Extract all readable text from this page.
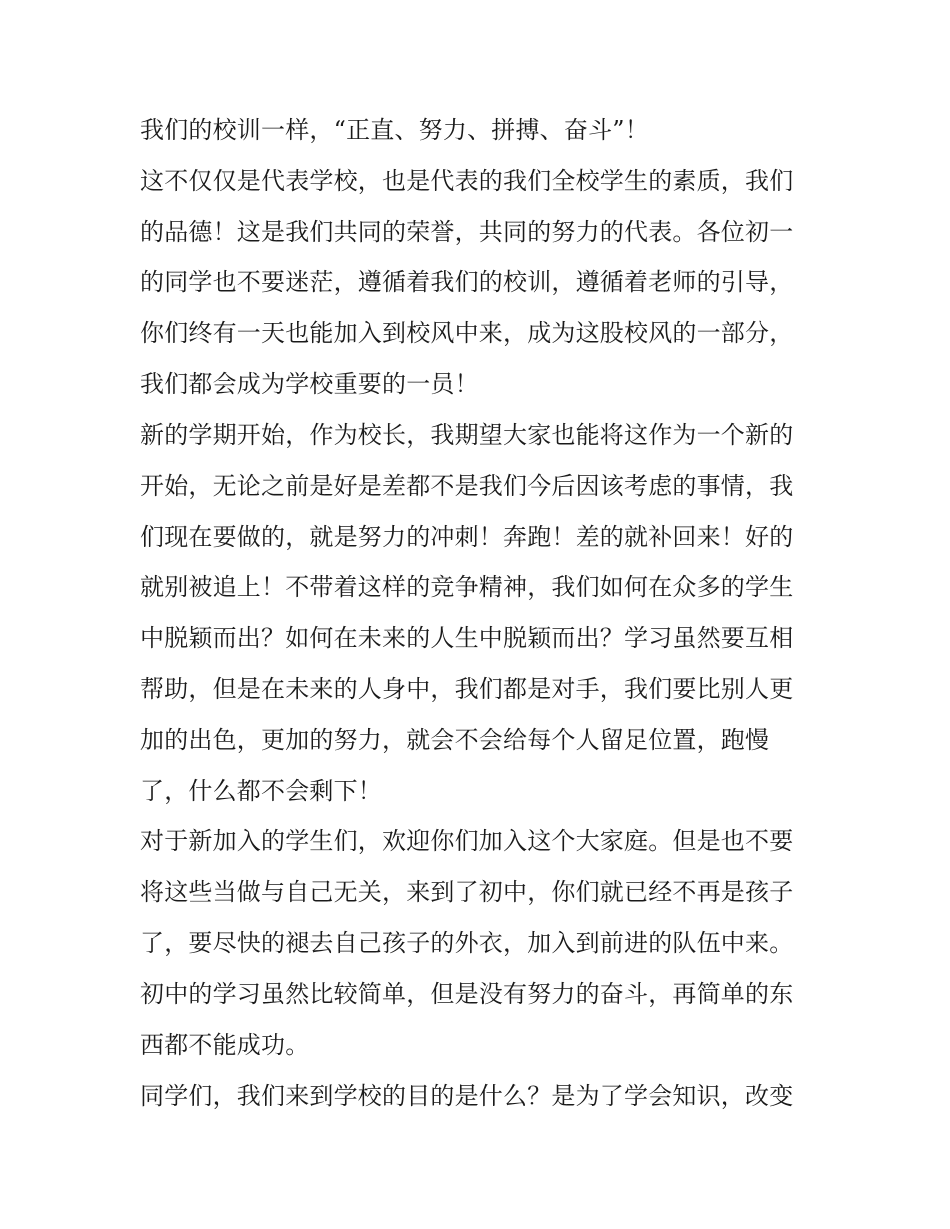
我们的校训一样，“正直、努力、拼搏、奋斗”！
这不仅仅是代表学校，也是代表的我们全校学生的素质，我们
的品德！这是我们共同的荣誉，共同的努力的代表。各位初一
的同学也不要迷茫，遵循着我们的校训，遵循着老师的引导，
你们终有一天也能加入到校风中来，成为这股校风的一部分，
我们都会成为学校重要的一员！
新的学期开始，作为校长，我期望大家也能将这作为一个新的
开始，无论之前是好是差都不是我们今后因该考虑的事情，我
们现在要做的，就是努力的冲刺！奔跑！差的就补回来！好的
就别被追上！不带着这样的竞争精神，我们如何在众多的学生
中脱颖而出？如何在未来的人生中脱颖而出？学习虽然要互相
帮助，但是在未来的人身中，我们都是对手，我们要比别人更
加的出色，更加的努力，就会不会给每个人留足位置，跑慢
了，什么都不会剩下！
对于新加入的学生们，欢迎你们加入这个大家庭。但是也不要
将这些当做与自己无关，来到了初中，你们就已经不再是孩子
了，要尽快的褪去自己孩子的外衣，加入到前进的队伍中来。
初中的学习虽然比较简单，但是没有努力的奋斗，再简单的东
西都不能成功。
同学们，我们来到学校的目的是什么？是为了学会知识，改变
